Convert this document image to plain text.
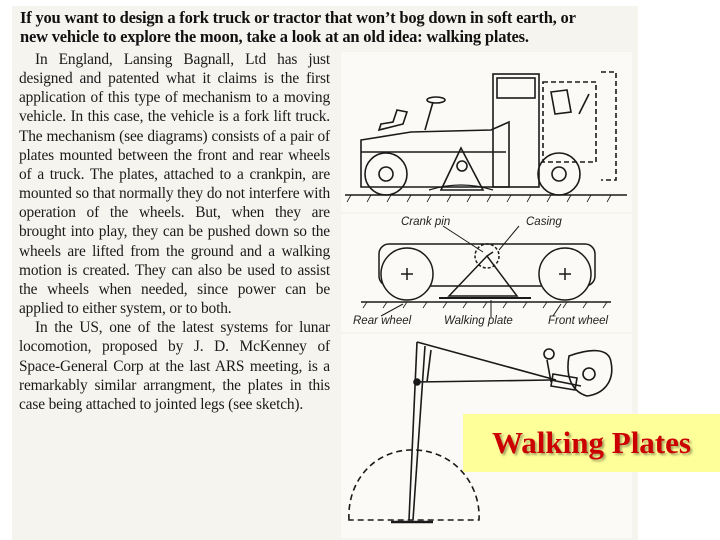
If you want to design a fork truck or tractor that won’t bog down in soft earth, or
new vehicle to explore the moon, take a look at an old idea: walking plates.

In England, Lansing Bagnall, Ltd has just designed and patented what it claims is the first application of this type of mechanism to a moving vehicle. In this case, the vehicle is a fork lift truck. The mechanism (see diagrams) consists of a pair of plates mounted between the front and rear wheels of a truck. The plates, attached to a crankpin, are mounted so that normally they do not interfere with operation of the wheels. But, when they are brought into play, they can be pushed down so the wheels are lifted from the ground and a walking motion is created. They can also be used to assist the wheels when needed, since power can be applied to either system, or to both.

In the US, one of the latest systems for lunar locomotion, proposed by J. D. McKenney of Space-General Corp at the last ARS meeting, is a remarkably similar arrangment, the plates in this case being attached to jointed legs (see sketch).

Crank pin	Casing
Rear wheel	Walking plate	Front wheel
Walking Plates
